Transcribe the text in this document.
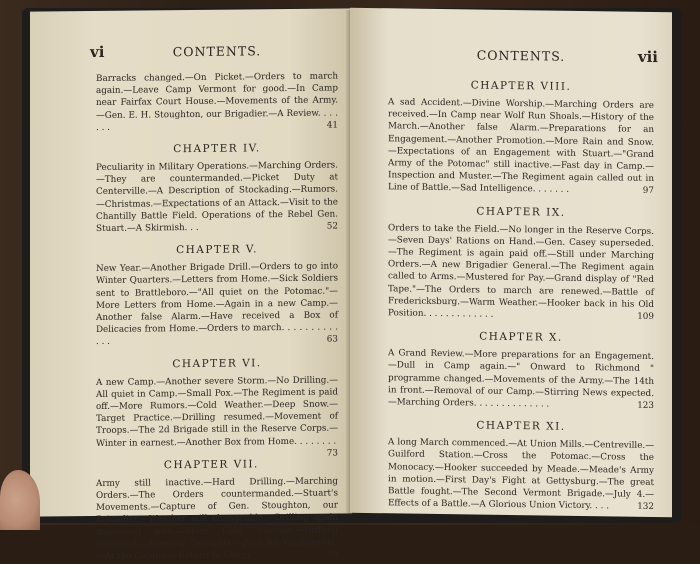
vi	CONTENTS.

Barracks changed.—On Picket.—Orders to march again.—Leave Camp Vermont for good.—In Camp near Fairfax Court House.—Movements of the Army.—Gen. E. H. Stoughton, our Brigadier.—A Review. . . . . . .	41

CHAPTER IV.

Peculiarity in Military Operations.—Marching Orders.—They are countermanded.—Picket Duty at Centerville.—A Description of Stockading.—Rumors.—Christmas.—Expectations of an Attack.—Visit to the Chantilly Battle Field. Operations of the Rebel Gen. Stuart.—A Skirmish. . .	52

CHAPTER V.

New Year.—Another Brigade Drill.—Orders to go into Winter Quarters.—Letters from Home.—Sick Soldiers sent to Brattleboro.—"All quiet on the Potomac."—More Letters from Home.—Again in a new Camp.—Another false Alarm.—Have received a Box of Delicacies from Home.—Orders to march. . . . . . . . . . . . .	63

CHAPTER VI.

A new Camp.—Another severe Storm.—No Drilling.—All quiet in Camp.—Small Pox.—The Regiment is paid off.—More Rumors.—Cold Weather.—Deep Snow.—Target Practice.—Drilling resumed.—Movement of Troops.—The 2d Brigade still in the Reserve Corps.—Winter in earnest.—Another Box from Home. . . . . . . .
73

CHAPTER VII.

Army still inactive.—Hard Drilling.—Marching Orders.—The Orders countermanded.—Stuart's Movements.—Capture of Gen. Stoughton, our Brigadier.—Weather still changeable.—Drilling again dispensed with.—More Cold Weather.—Drilling Resumed.—Evening Thoughts.—Pass for Washington.—At the Capital.—Return to Camp. . . . . .	85

CONTENTS.	vii
CHAPTER VIII.

A sad Accident.—Divine Worship.—Marching Orders are received.—In Camp near Wolf Run Shoals.—History of the March.—Another false Alarm.—Preparations for an Engagement.—Another Promotion.—More Rain and Snow.—Expectations of an Engagement with Stuart.—"Grand Army of the Potomac" still inactive.—Fast day in Camp.—Inspection and Muster.—The Regiment again called out in Line of Battle.—Sad Intelligence. . . . . . .	97

CHAPTER IX.

Orders to take the Field.—No longer in the Reserve Corps.—Seven Days' Rations on Hand.—Gen. Casey superseded.—The Regiment is again paid off.—Still under Marching Orders.—A new Brigadier General.—The Regiment again called to Arms.—Mustered for Pay.—Grand display of "Red Tape."—The Orders to march are renewed.—Battle of Fredericksburg.—Warm Weather.—Hooker back in his Old Position. . . . . . . . . . . . .	109

CHAPTER X.

A Grand Review.—More preparations for an Engagement.—Dull in Camp again.—" Onward to Richmond " programme changed.—Movements of the Army.—The 14th in front.—Removal of our Camp.—Stirring News expected.—Marching Orders. . . . . . . . . . . . . .	123

CHAPTER XI.

A long March commenced.—At Union Mills.—Centreville.—Guilford Station.—Cross the Potomac.—Cross the Monocacy.—Hooker succeeded by Meade.—Meade's Army in motion.—First Day's Fight at Gettysburg.—The great Battle fought.—The Second Vermont Brigade.—July 4.—Effects of a Battle.—A Glorious Union Victory. . . .	132
